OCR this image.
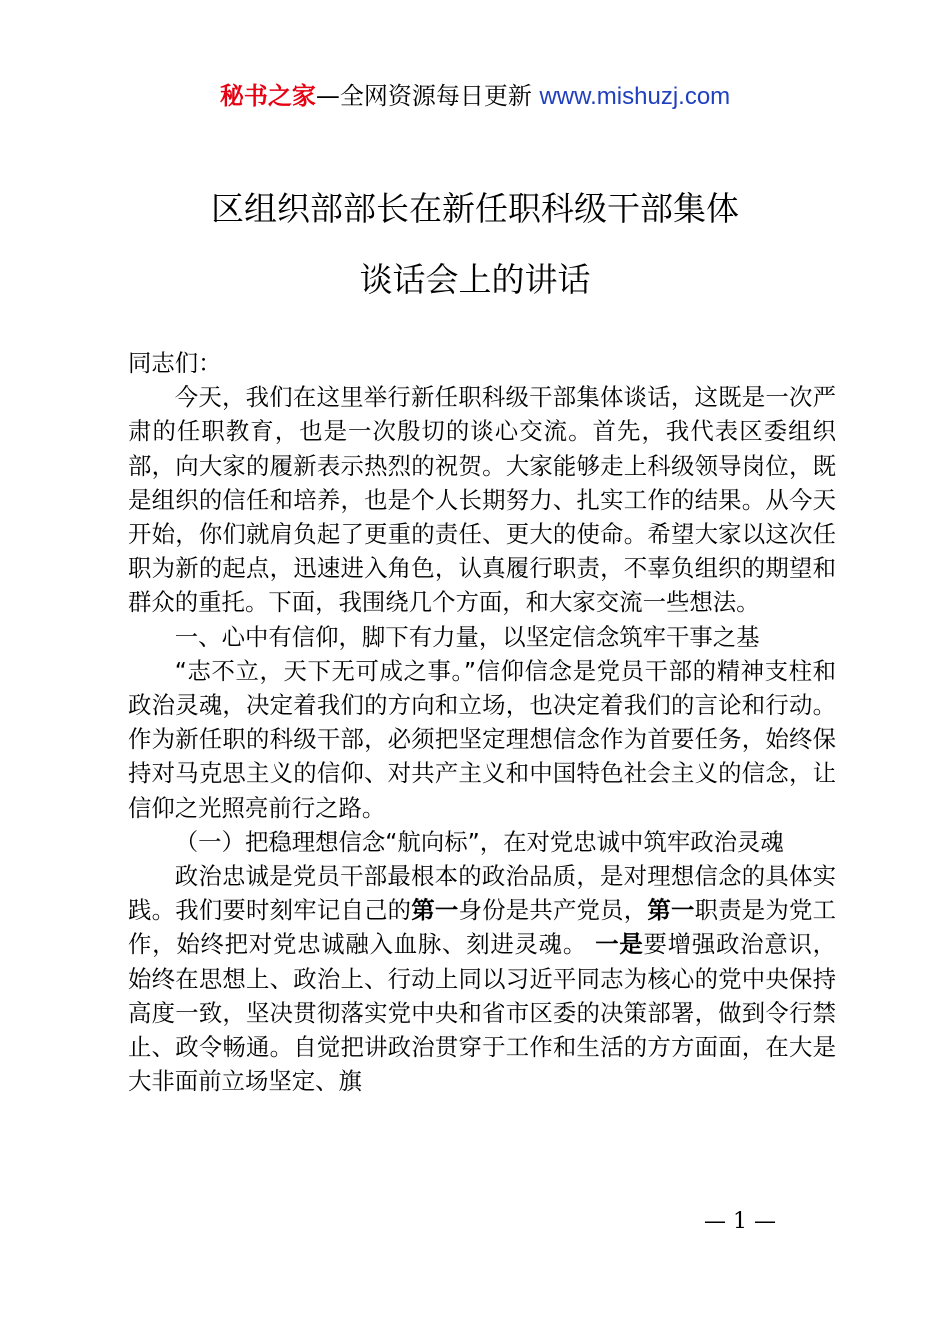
秘书之家—全网资源每日更新 www.mishuzj.com
区组织部部长在新任职科级干部集体
谈话会上的讲话

同志们：

今天，我们在这里举行新任职科级干部集体谈话，这既是一次严肃的任职教育，也是一次殷切的谈心交流。首先，我代表区委组织部，向大家的履新表示热烈的祝贺。大家能够走上科级领导岗位，既是组织的信任和培养，也是个人长期努力、扎实工作的结果。从今天开始，你们就肩负起了更重的责任、更大的使命。希望大家以这次任职为新的起点，迅速进入角色，认真履行职责，不辜负组织的期望和群众的重托。下面，我围绕几个方面，和大家交流一些想法。

一、心中有信仰，脚下有力量，以坚定信念筑牢干事之基

“志不立，天下无可成之事。”信仰信念是党员干部的精神支柱和政治灵魂，决定着我们的方向和立场，也决定着我们的言论和行动。作为新任职的科级干部，必须把坚定理想信念作为首要任务，始终保持对马克思主义的信仰、对共产主义和中国特色社会主义的信念，让信仰之光照亮前行之路。

（一）把稳理想信念“航向标”，在对党忠诚中筑牢政治灵魂

政治忠诚是党员干部最根本的政治品质，是对理想信念的具体实践。我们要时刻牢记自己的第一身份是共产党员，第一职责是为党工作，始终把对党忠诚融入血脉、刻进灵魂。 一是要增强政治意识，始终在思想上、政治上、行动上同以习近平同志为核心的党中央保持高度一致，坚决贯彻落实党中央和省市区委的决策部署，做到令行禁止、政令畅通。自觉把讲政治贯穿于工作和生活的方方面面，在大是大非面前立场坚定、旗

— 1 —
